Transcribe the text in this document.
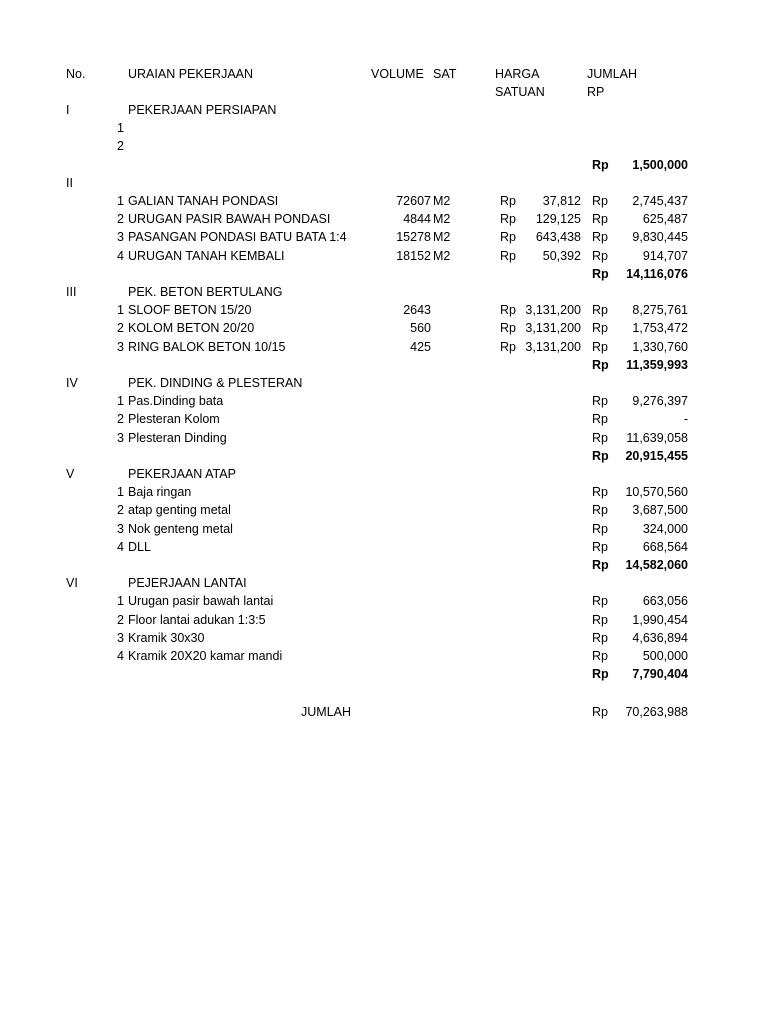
No.	URAIAN PEKERJAAN	VOLUME SAT	HARGA	JUMLAH
SATUAN	RP
I	PEKERJAAN PERSIAPAN
1
2
Rp	1,500,000
II
1 GALIAN TANAH PONDASI	72607 M2	Rp	37,812 Rp	2,745,437
2 URUGAN PASIR BAWAH PONDASI	4844 M2	Rp	129,125 Rp	625,487
3 PASANGAN PONDASI BATU BATA 1:4	15278 M2	Rp	643,438 Rp	9,830,445
4 URUGAN TANAH KEMBALI	18152 M2	Rp	50,392 Rp	914,707
Rp	14,116,076
III	PEK. BETON BERTULANG
1 SLOOF BETON 15/20	2643	Rp 3,131,200 Rp	8,275,761
2 KOLOM BETON 20/20	560	Rp 3,131,200 Rp	1,753,472
3 RING BALOK BETON 10/15	425	Rp 3,131,200 Rp	1,330,760
Rp	11,359,993
IV	PEK. DINDING & PLESTERAN
1 Pas.Dinding bata	Rp	9,276,397
2 Plesteran Kolom	Rp	-
3 Plesteran Dinding	Rp	11,639,058
Rp	20,915,455
V	PEKERJAAN ATAP
1 Baja ringan	Rp	10,570,560
2 atap genting metal	Rp	3,687,500
3 Nok genteng metal	Rp	324,000
4 DLL	Rp	668,564
Rp	14,582,060
VI	PEJERJAAN LANTAI
1 Urugan pasir bawah lantai	Rp	663,056
2 Floor lantai adukan 1:3:5	Rp	1,990,454
3 Kramik 30x30	Rp	4,636,894
4 Kramik 20X20 kamar mandi	Rp	500,000
Rp	7,790,404
JUMLAH	Rp	70,263,988
